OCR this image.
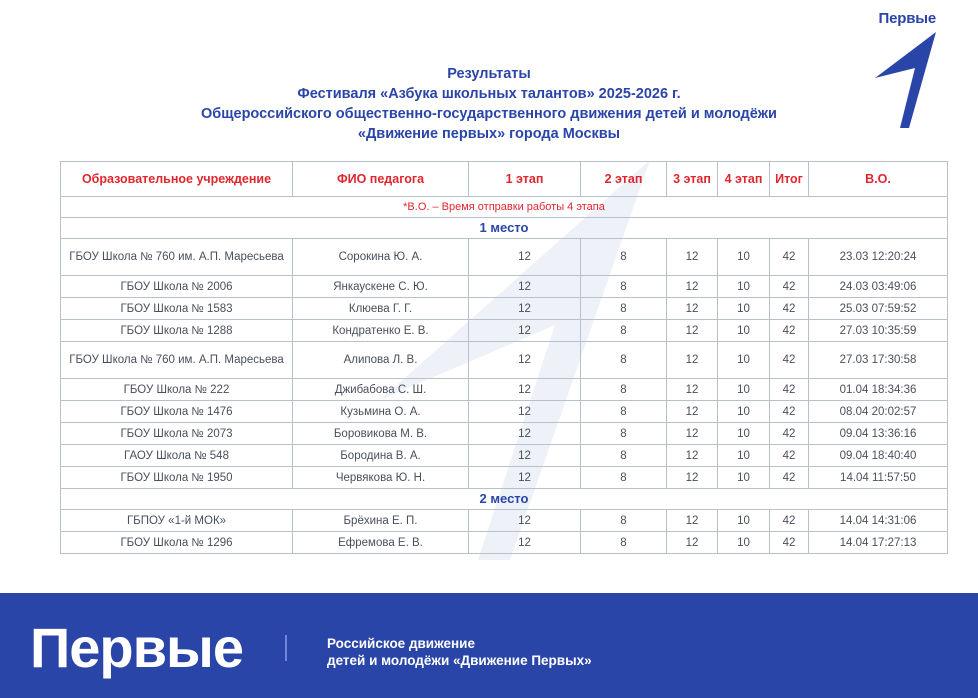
Первые
Результаты
Фестиваля «Азбука школьных талантов» 2025-2026 г.
Общероссийского общественно-государственного движения детей и молодёжи
«Движение первых» города Москвы
Образовательное учреждение	ФИО педагога	1 этап	2 этап	3 этап	4 этап	Итог	В.О.
*В.О. – Время отправки работы 4 этапа							
1 место							
ГБОУ Школа № 760 им. А.П. Маресьева	Сорокина Ю. А.	12	8	12	10	42	23.03 12:20:24
ГБОУ Школа № 2006	Янкаускене С. Ю.	12	8	12	10	42	24.03 03:49:06
ГБОУ Школа № 1583	Клюева Г. Г.	12	8	12	10	42	25.03 07:59:52
ГБОУ Школа № 1288	Кондратенко Е. В.	12	8	12	10	42	27.03 10:35:59
ГБОУ Школа № 760 им. А.П. Маресьева	Алипова Л. В.	12	8	12	10	42	27.03 17:30:58
ГБОУ Школа № 222	Джибабова С. Ш.	12	8	12	10	42	01.04 18:34:36
ГБОУ Школа № 1476	Кузьмина О. А.	12	8	12	10	42	08.04 20:02:57
ГБОУ Школа № 2073	Боровикова М. В.	12	8	12	10	42	09.04 13:36:16
ГАОУ Школа № 548	Бородина В. А.	12	8	12	10	42	09.04 18:40:40
ГБОУ Школа № 1950	Червякова Ю. Н.	12	8	12	10	42	14.04 11:57:50
2 место							
ГБПОУ «1-й МОК»	Брёхина Е. П.	12	8	12	10	42	14.04 14:31:06
ГБОУ Школа № 1296	Ефремова Е. В.	12	8	12	10	42	14.04 17:27:13
Первые	Российское движение
детей и молодёжи «Движение Первых»
